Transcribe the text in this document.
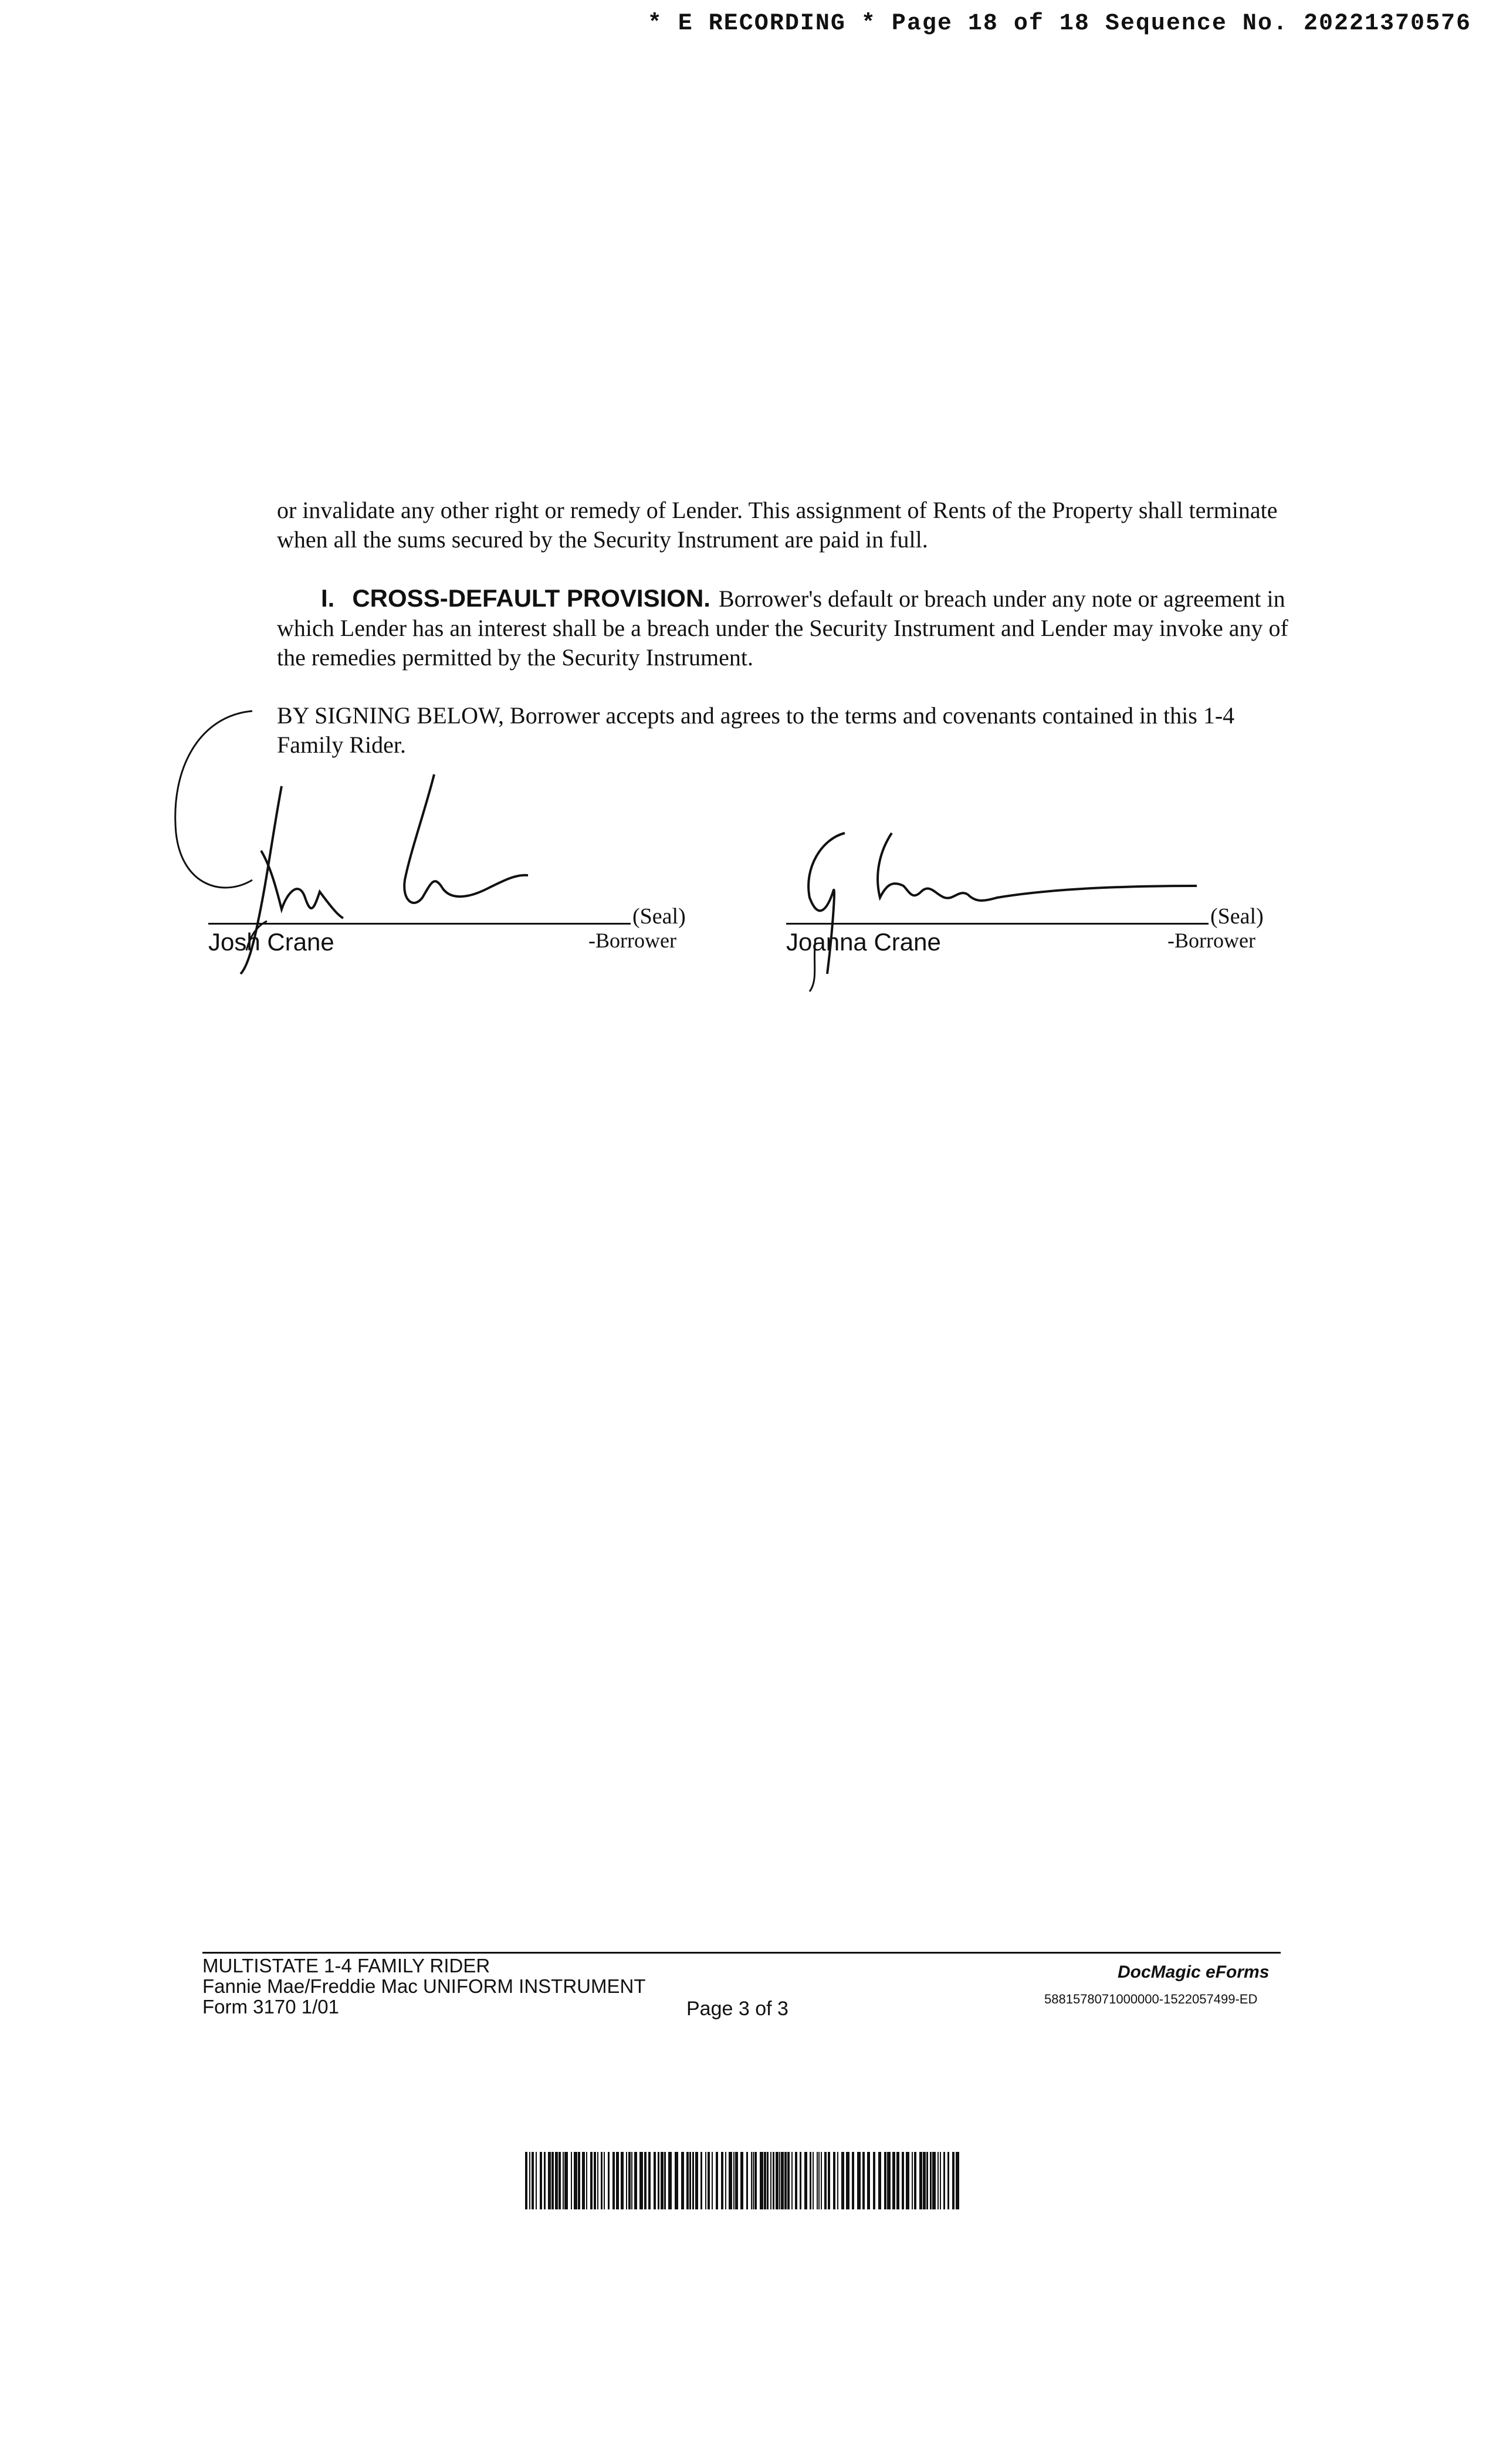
* E RECORDING * Page 18 of 18 Sequence No. 20221370576
or invalidate any other right or remedy of Lender. This assignment of Rents of the Property shall terminate when all the sums secured by the Security Instrument are paid in full.
I. CROSS-DEFAULT PROVISION. Borrower's default or breach under any note or agreement in which Lender has an interest shall be a breach under the Security Instrument and Lender may invoke any of the remedies permitted by the Security Instrument.
BY SIGNING BELOW, Borrower accepts and agrees to the terms and covenants contained in this 1-4 Family Rider.
(Seal)
Josh Crane	-Borrower
(Seal)
Joanna Crane	-Borrower
MULTISTATE 1-4 FAMILY RIDER
Fannie Mae/Freddie Mac UNIFORM INSTRUMENT
Form 3170 1/01	Page 3 of 3
DocMagic eForms
5881578071000000-1522057499-ED
